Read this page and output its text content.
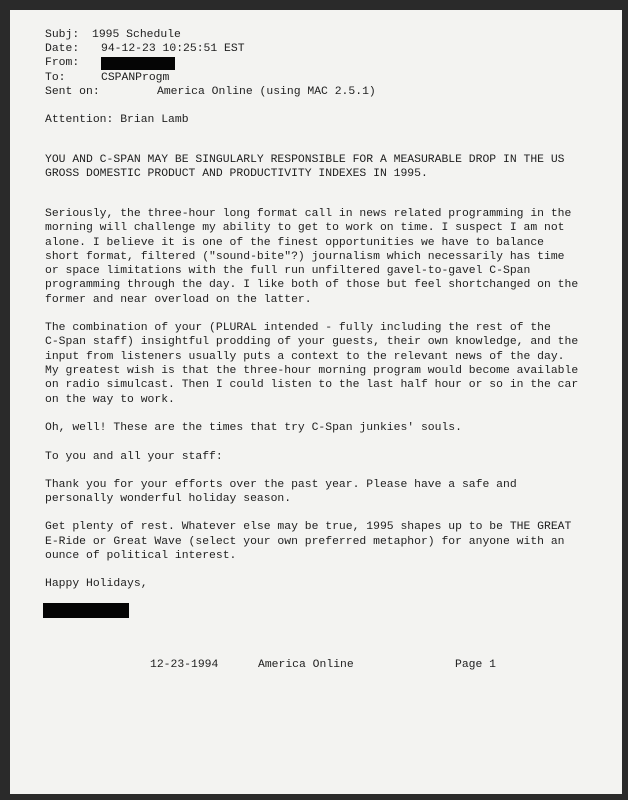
Subj: 1995 Schedule
Date: 94-12-23 10:25:51 EST
From:
To:	CSPANProgm
Sent on:	America Online (using MAC 2.5.1)
Attention: Brian Lamb
YOU AND C-SPAN MAY BE SINGULARLY RESPONSIBLE FOR A MEASURABLE DROP IN THE US
GROSS DOMESTIC PRODUCT AND PRODUCTIVITY INDEXES IN 1995.
Seriously, the three-hour long format call in news related programming in the
morning will challenge my ability to get to work on time. I suspect I am not
alone. I believe it is one of the finest opportunities we have to balance
short format, filtered ("sound-bite"?) journalism which necessarily has time
or space limitations with the full run unfiltered gavel-to-gavel C-Span
programming through the day. I like both of those but feel shortchanged on the
former and near overload on the latter.
The combination of your (PLURAL intended - fully including the rest of the
C-Span staff) insightful prodding of your guests, their own knowledge, and the
input from listeners usually puts a context to the relevant news of the day.
My greatest wish is that the three-hour morning program would become available
on radio simulcast. Then I could listen to the last half hour or so in the car
on the way to work.
Oh, well! These are the times that try C-Span junkies' souls.
To you and all your staff:
Thank you for your efforts over the past year. Please have a safe and
personally wonderful holiday season.
Get plenty of rest. Whatever else may be true, 1995 shapes up to be THE GREAT
E-Ride or Great Wave (select your own preferred metaphor) for anyone with an
ounce of political interest.
Happy Holidays,
12-23-1994	America Online	Page 1
